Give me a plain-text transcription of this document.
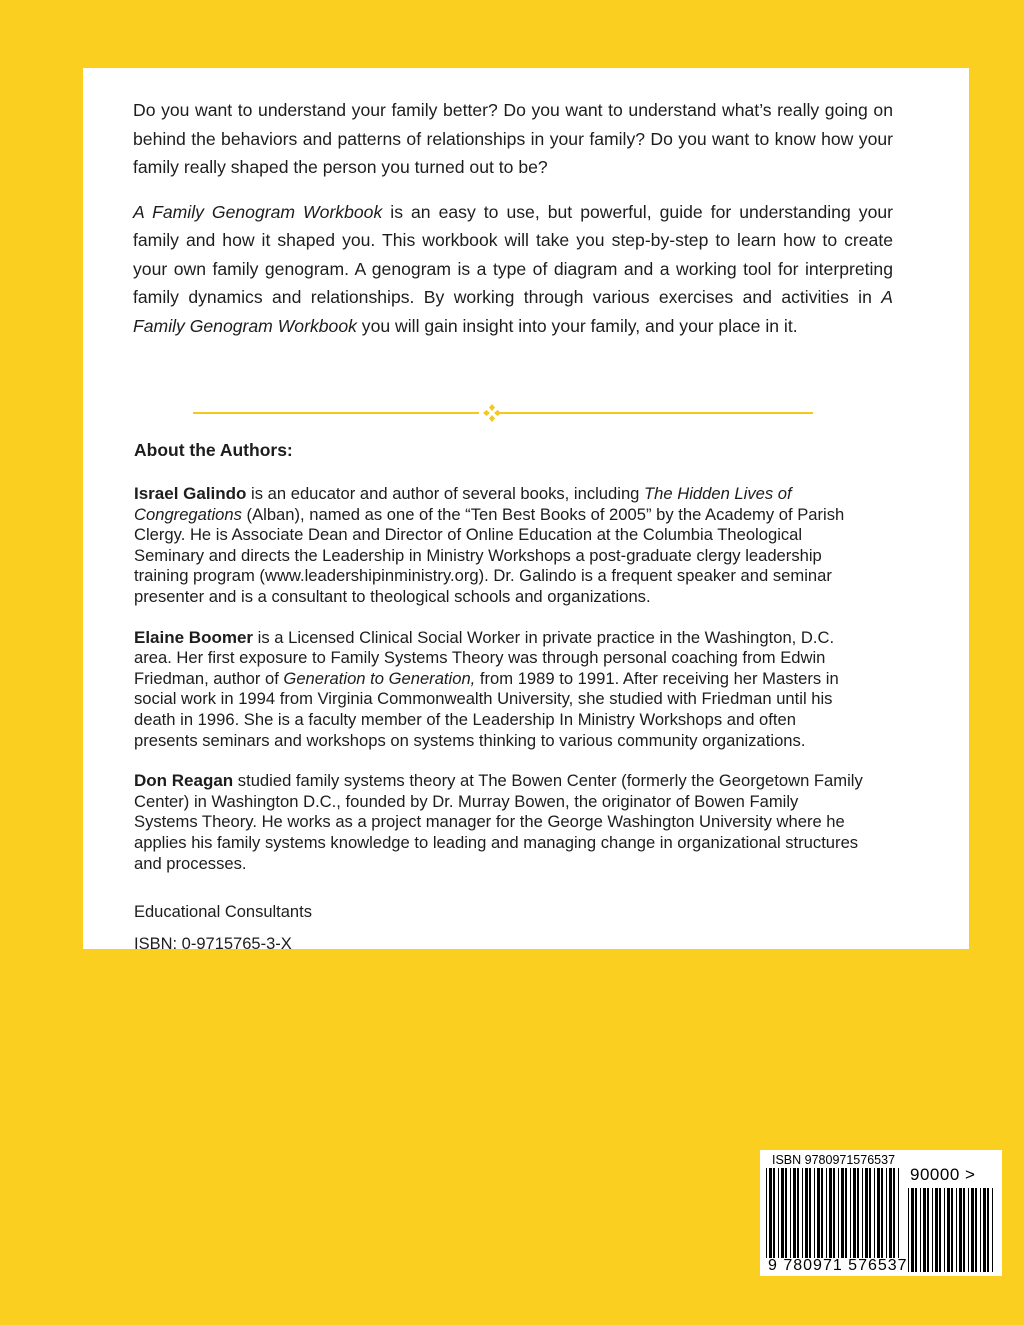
Do you want to understand your family better? Do you want to understand what’s really going on behind the behaviors and patterns of relationships in your family? Do you want to know how your family really shaped the person you turned out to be?

A Family Genogram Workbook is an easy to use, but powerful, guide for understanding your family and how it shaped you. This workbook will take you step-by-step to learn how to create your own family genogram. A genogram is a type of diagram and a working tool for interpreting family dynamics and relationships. By working through various exercises and activities in A Family Genogram Workbook you will gain insight into your family, and your place in it.

About the Authors:

Israel Galindo is an educator and author of several books, including The Hidden Lives of Congregations (Alban), named as one of the “Ten Best Books of 2005” by the Academy of Parish Clergy. He is Associate Dean and Director of Online Education at the Columbia Theological Seminary and directs the Leadership in Ministry Workshops a post-graduate clergy leadership training program (www.leadershipinministry.org). Dr. Galindo is a frequent speaker and seminar presenter and is a consultant to theological schools and organizations.

Elaine Boomer is a Licensed Clinical Social Worker in private practice in the Washington, D.C. area. Her first exposure to Family Systems Theory was through personal coaching from Edwin Friedman, author of Generation to Generation, from 1989 to 1991. After receiving her Masters in social work in 1994 from Virginia Commonwealth University, she studied with Friedman until his death in 1996. She is a faculty member of the Leadership In Ministry Workshops and often presents seminars and workshops on systems thinking to various community organizations.

Don Reagan studied family systems theory at The Bowen Center (formerly the Georgetown Family Center) in Washington D.C., founded by Dr. Murray Bowen, the originator of Bowen Family Systems Theory. He works as a project manager for the George Washington University where he applies his family systems knowledge to leading and managing change in organizational structures and processes.

Educational Consultants

ISBN: 0-9715765-3-X

ISBN 9780971576537
90000 >
9 780971 576537
